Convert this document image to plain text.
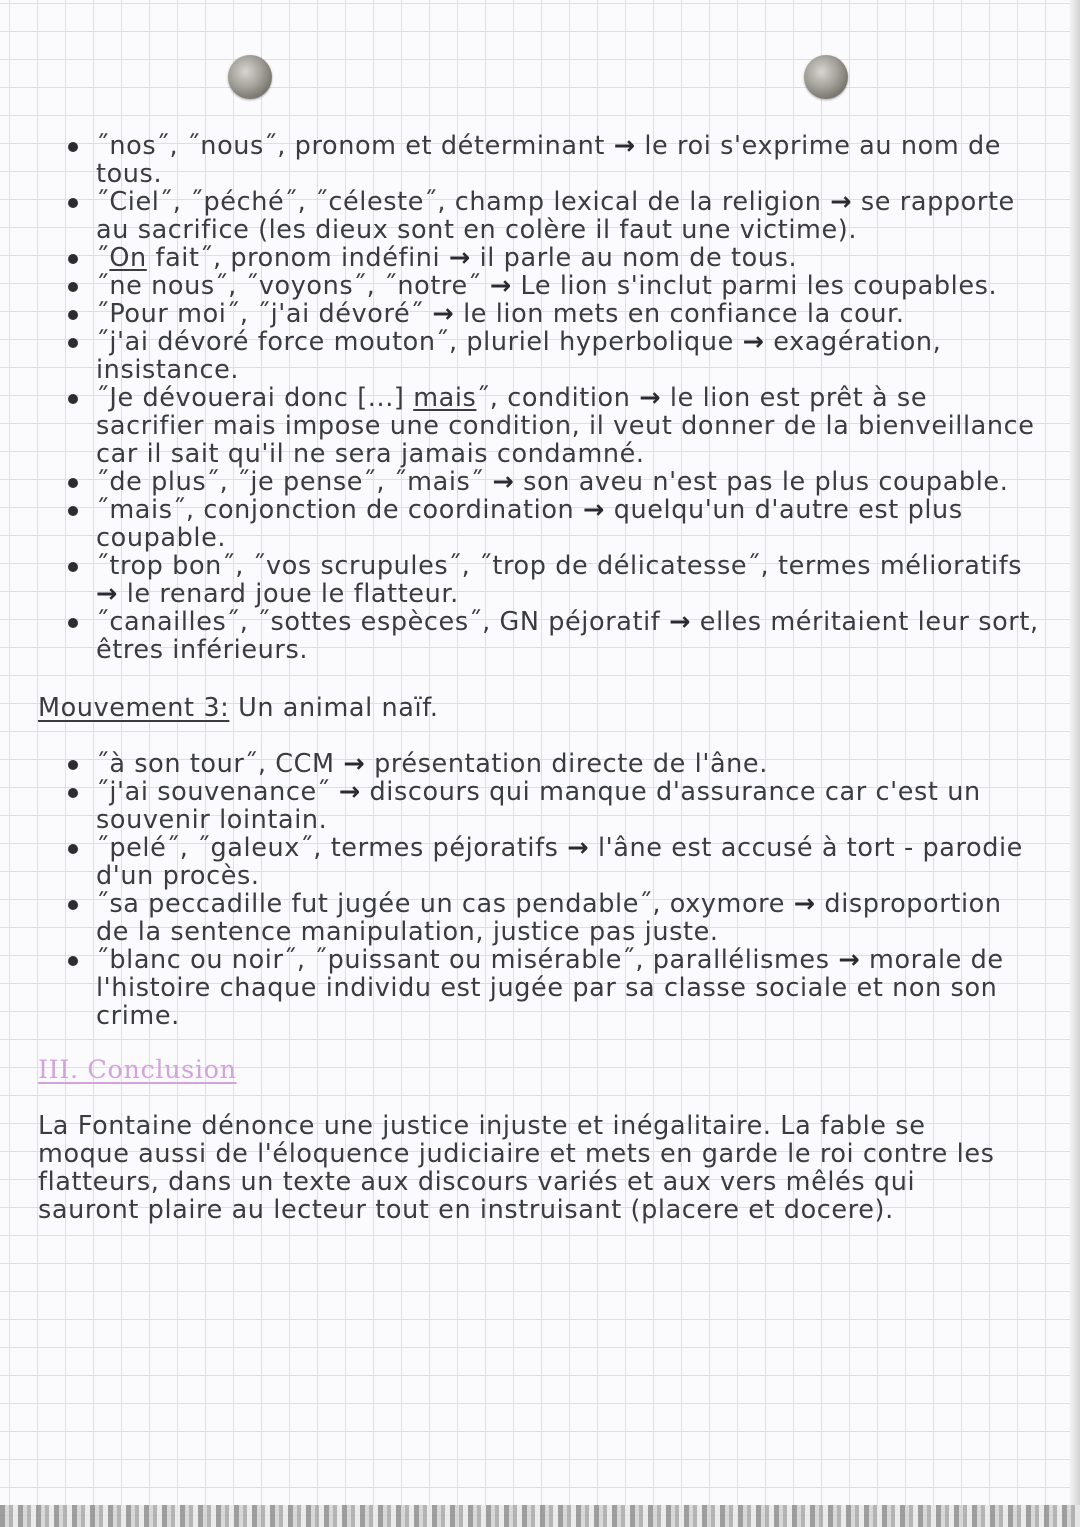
˝nos˝, ˝nous˝, pronom et déterminant → le roi s'exprime au nom de tous.
˝Ciel˝, ˝péché˝, ˝céleste˝, champ lexical de la religion → se rapporte au sacrifice (les dieux sont en colère il faut une victime).
˝On fait˝, pronom indéfini → il parle au nom de tous.
˝ne nous˝, ˝voyons˝, ˝notre˝ → Le lion s'inclut parmi les coupables.
˝Pour moi˝, ˝j'ai dévoré˝ → le lion mets en confiance la cour.
˝j'ai dévoré force mouton˝, pluriel hyperbolique → exagération, insistance.
˝Je dévouerai donc [...] mais˝, condition → le lion est prêt à se sacrifier mais impose une condition, il veut donner de la bienveillance car il sait qu'il ne sera jamais condamné.
˝de plus˝, ˝je pense˝, ˝mais˝ → son aveu n'est pas le plus coupable.
˝mais˝, conjonction de coordination → quelqu'un d'autre est plus coupable.
˝trop bon˝, ˝vos scrupules˝, ˝trop de délicatesse˝, termes mélioratifs → le renard joue le flatteur.
˝canailles˝, ˝sottes espèces˝, GN péjoratif → elles méritaient leur sort, êtres inférieurs.
Mouvement 3: Un animal naïf.
˝à son tour˝, CCM → présentation directe de l'âne.
˝j'ai souvenance˝ → discours qui manque d'assurance car c'est un souvenir lointain.
˝pelé˝, ˝galeux˝, termes péjoratifs → l'âne est accusé à tort - parodie d'un procès.
˝sa peccadille fut jugée un cas pendable˝, oxymore → disproportion de la sentence manipulation, justice pas juste.
˝blanc ou noir˝, ˝puissant ou misérable˝, parallélismes → morale de l'histoire chaque individu est jugée par sa classe sociale et non son crime.
III. Conclusion
La Fontaine dénonce une justice injuste et inégalitaire. La fable se moque aussi de l'éloquence judiciaire et mets en garde le roi contre les flatteurs, dans un texte aux discours variés et aux vers mêlés qui sauront plaire au lecteur tout en instruisant (placere et docere).
